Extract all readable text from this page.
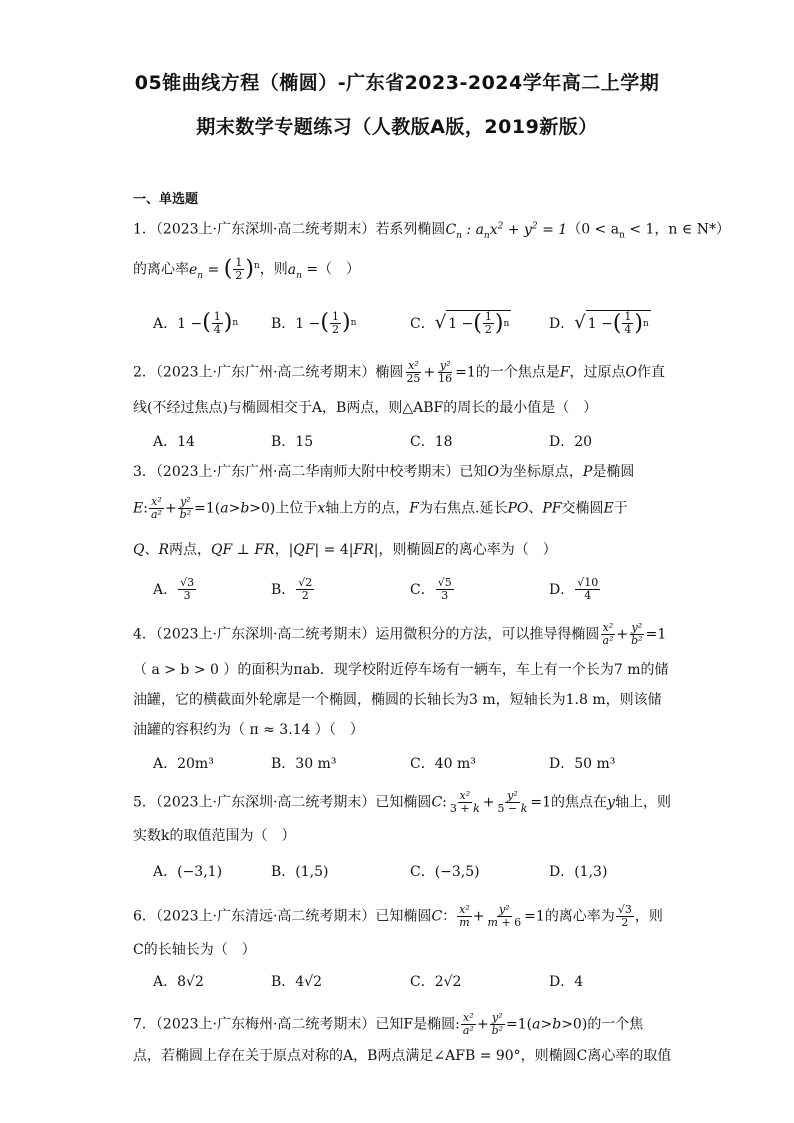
05锥曲线方程（椭圆）-广东省2023-2024学年高二上学期
期末数学专题练习（人教版A版，2019新版）
一、单选题
1．（2023上·广东深圳·高二统考期末）若系列椭圆$C_n$ : $a_nx^2 + y^2 = 1(0 < a_n < 1$，n ∈ N*）
的离心率$e_n$ = ( $\frac{1}{2} )^n$，则$a_n$ =（　）
A．1 − ( $\frac{1}{4}$ ) n B．1 − ( $\frac{1}{2}$ ) n	C． √ 1 − ( $\frac{1}{2}$ ) n	D． √ 1 − ( $\frac{1}{4}$ ) n
2．（2023上·广东广州·高二统考期末）椭圆 $\frac{\text{x²}}{25} + \frac{\text{y²}}{16} =1$的一个焦点是F，过原点O作直
线(不经过焦点)与椭圆相交于A，B两点，则△ABF的周长的最小值是（　）
A．14	B．15	C．18	D．20
3．（2023上·广东广州·高二华南师大附中校考期末）已知O为坐标原点，P是椭圆
E: $\frac{\text{x²}}{\text{a²}} + \frac{\text{y²}}{\text{b²}} =1(a>b>0)$上位于x轴上方的点，F为右焦点.延长PO、PF交椭圆E于
Q、R两点，QF ⊥ FR，|QF| = 4|FR|，则椭圆E的离心率为（　）
A． $\frac{√3}{3}$	B． $\frac{√2}{2}$	C． $\frac{√5}{3}$	D． $\frac{√10}{4}$
4．（2023上·广东深圳·高二统考期末）运用微积分的方法，可以推导得椭圆 $\frac{\text{x²}}{\text{a²}} + \frac{\text{y²}}{\text{b²}} =1$
（ a > b > 0 ）的面积为πab．现学校附近停车场有一辆车，车上有一个长为7 m的储
油罐，它的横截面外轮廓是一个椭圆，椭圆的长轴长为3 m，短轴长为1.8 m，则该储
油罐的容积约为（ π ≈ 3.14 ）（　）
A．20m³	B．30 m³	C．40 m³	D．50 m³
5．（2023上·广东深圳·高二统考期末）已知椭圆C: $\frac{\text{x²}}{3 + k} + \frac{\text{y²}}{5 - k} =1$的焦点在y轴上，则
实数k的取值范围为（　）
A．(−3,1)	B．(1,5)	C．(−3,5)	D．(1,3)
6．（2023上·广东清远·高二统考期末）已知椭圆C： $\frac{\text{x²}}{m} + \frac{\text{y²}}{m + 6} =1$的离心率为 $\frac{√3}{2}$ ，则
C的长轴长为（　）
A．8√2	B．4√2	C．2√2	D．4
7．（2023上·广东梅州·高二统考期末）已知F是椭圆: $\frac{\text{x²}}{\text{a²}} + \frac{\text{y²}}{\text{b²}} =1(a>b>0)$的一个焦
点，若椭圆上存在关于原点对称的A，B两点满足∠AFB = 90°，则椭圆C离心率的取值
